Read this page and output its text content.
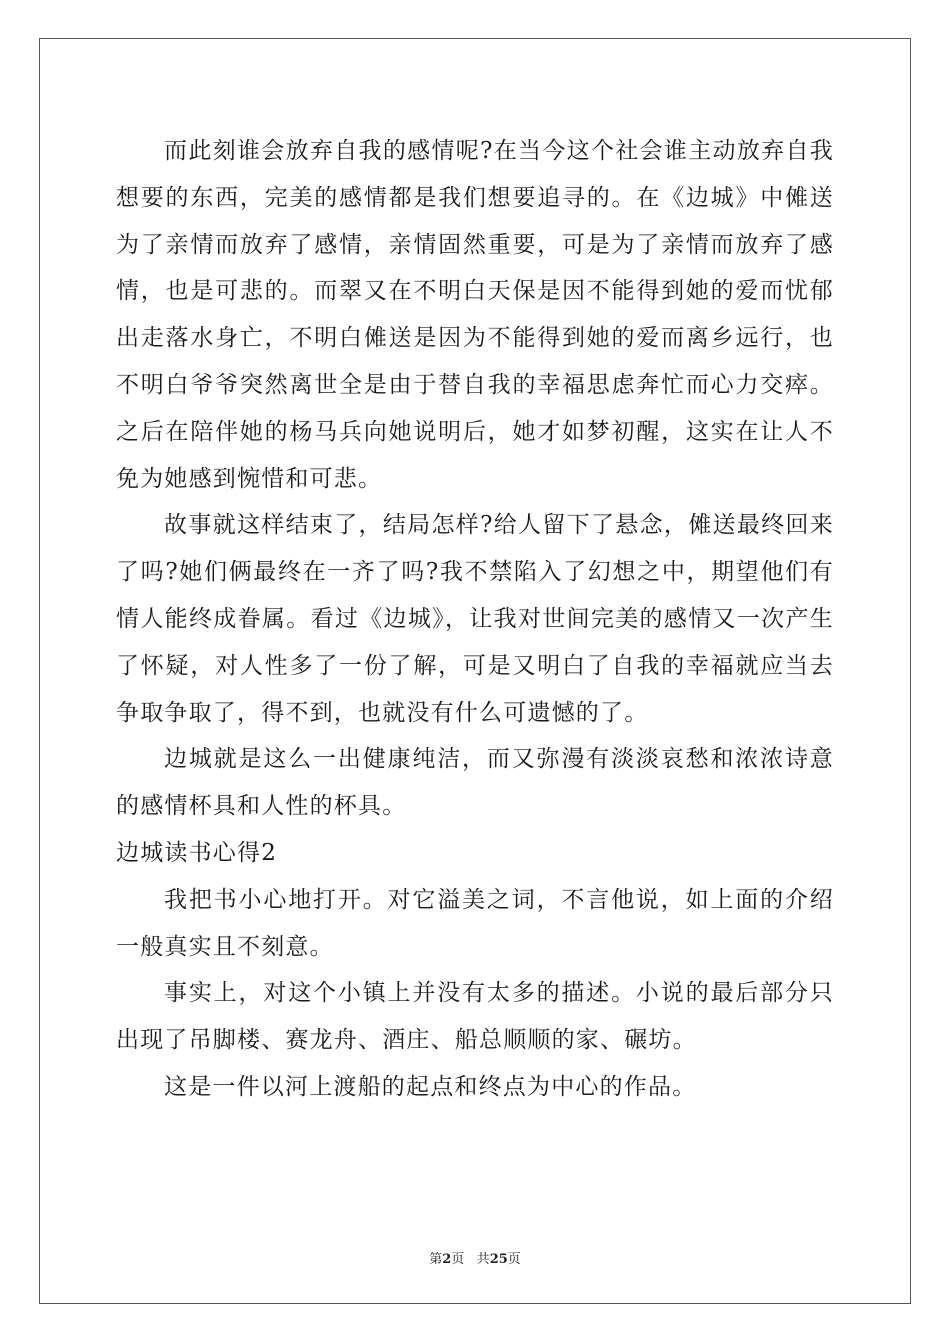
而此刻谁会放弃自我的感情呢?在当今这个社会谁主动放弃自我想要的东西，完美的感情都是我们想要追寻的。在《边城》中傩送为了亲情而放弃了感情，亲情固然重要，可是为了亲情而放弃了感情，也是可悲的。而翠又在不明白天保是因不能得到她的爱而忧郁出走落水身亡，不明白傩送是因为不能得到她的爱而离乡远行，也不明白爷爷突然离世全是由于替自我的幸福思虑奔忙而心力交瘁。之后在陪伴她的杨马兵向她说明后，她才如梦初醒，这实在让人不免为她感到惋惜和可悲。

故事就这样结束了，结局怎样?给人留下了悬念，傩送最终回来了吗?她们俩最终在一齐了吗?我不禁陷入了幻想之中，期望他们有情人能终成眷属。看过《边城》，让我对世间完美的感情又一次产生了怀疑，对人性多了一份了解，可是又明白了自我的幸福就应当去争取争取了，得不到，也就没有什么可遗憾的了。

边城就是这么一出健康纯洁，而又弥漫有淡淡哀愁和浓浓诗意的感情杯具和人性的杯具。

边城读书心得2

我把书小心地打开。对它溢美之词，不言他说，如上面的介绍一般真实且不刻意。

事实上，对这个小镇上并没有太多的描述。小说的最后部分只出现了吊脚楼、赛龙舟、酒庄、船总顺顺的家、碾坊。

这是一件以河上渡船的起点和终点为中心的作品。

第2页 共25页
